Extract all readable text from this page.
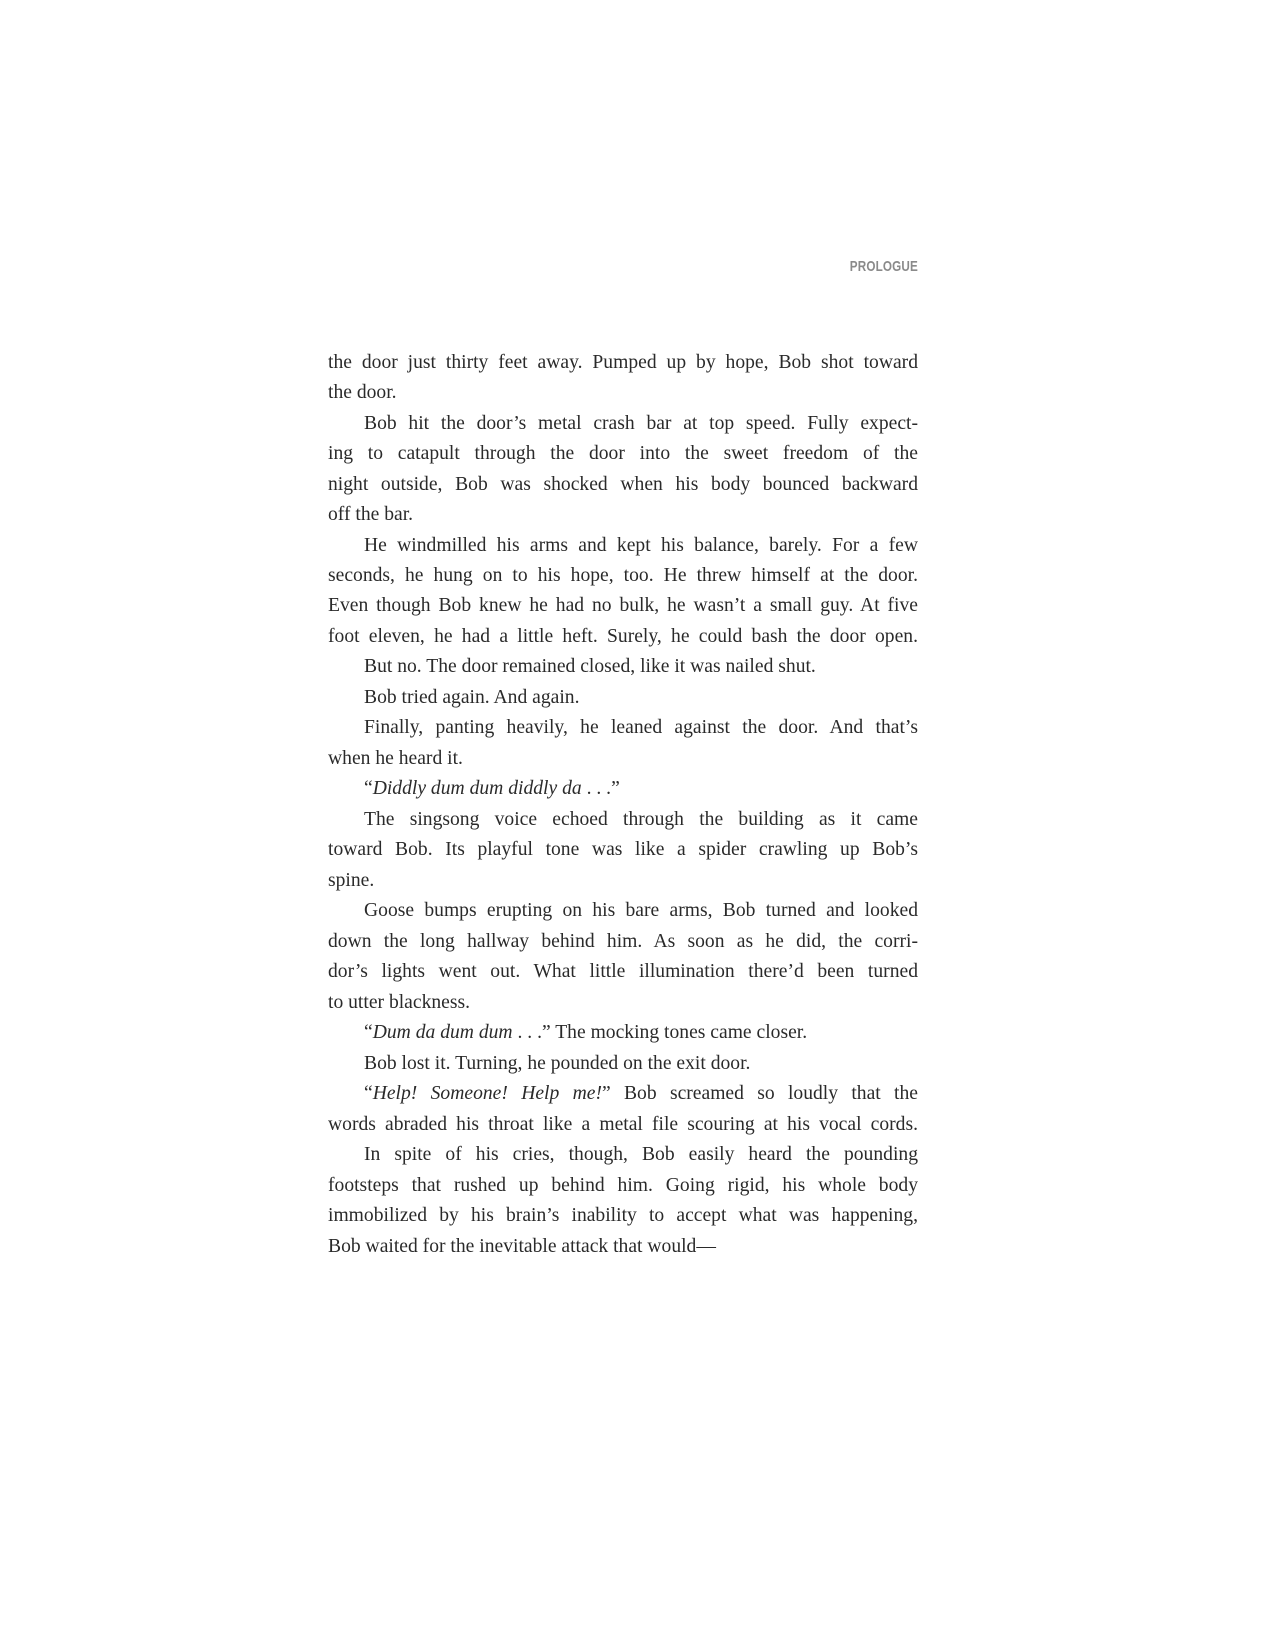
PROLOGUE
the door just thirty feet away. Pumped up by hope, Bob shot toward
the door.
Bob hit the door’s metal crash bar at top speed. Fully expect-
ing to catapult through the door into the sweet freedom of the
night outside, Bob was shocked when his body bounced backward
off the bar.
He windmilled his arms and kept his balance, barely. For a few
seconds, he hung on to his hope, too. He threw himself at the door.
Even though Bob knew he had no bulk, he wasn’t a small guy. At five
foot eleven, he had a little heft. Surely, he could bash the door open.
But no. The door remained closed, like it was nailed shut.
Bob tried again. And again.
Finally, panting heavily, he leaned against the door. And that’s
when he heard it.
“Diddly dum dum diddly da . . .”
The singsong voice echoed through the building as it came
toward Bob. Its playful tone was like a spider crawling up Bob’s
spine.
Goose bumps erupting on his bare arms, Bob turned and looked
down the long hallway behind him. As soon as he did, the corri-
dor’s lights went out. What little illumination there’d been turned
to utter blackness.
“Dum da dum dum . . .” The mocking tones came closer.
Bob lost it. Turning, he pounded on the exit door.
“Help! Someone! Help me!” Bob screamed so loudly that the
words abraded his throat like a metal file scouring at his vocal cords.
In spite of his cries, though, Bob easily heard the pounding
footsteps that rushed up behind him. Going rigid, his whole body
immobilized by his brain’s inability to accept what was happening,
Bob waited for the inevitable attack that would—
